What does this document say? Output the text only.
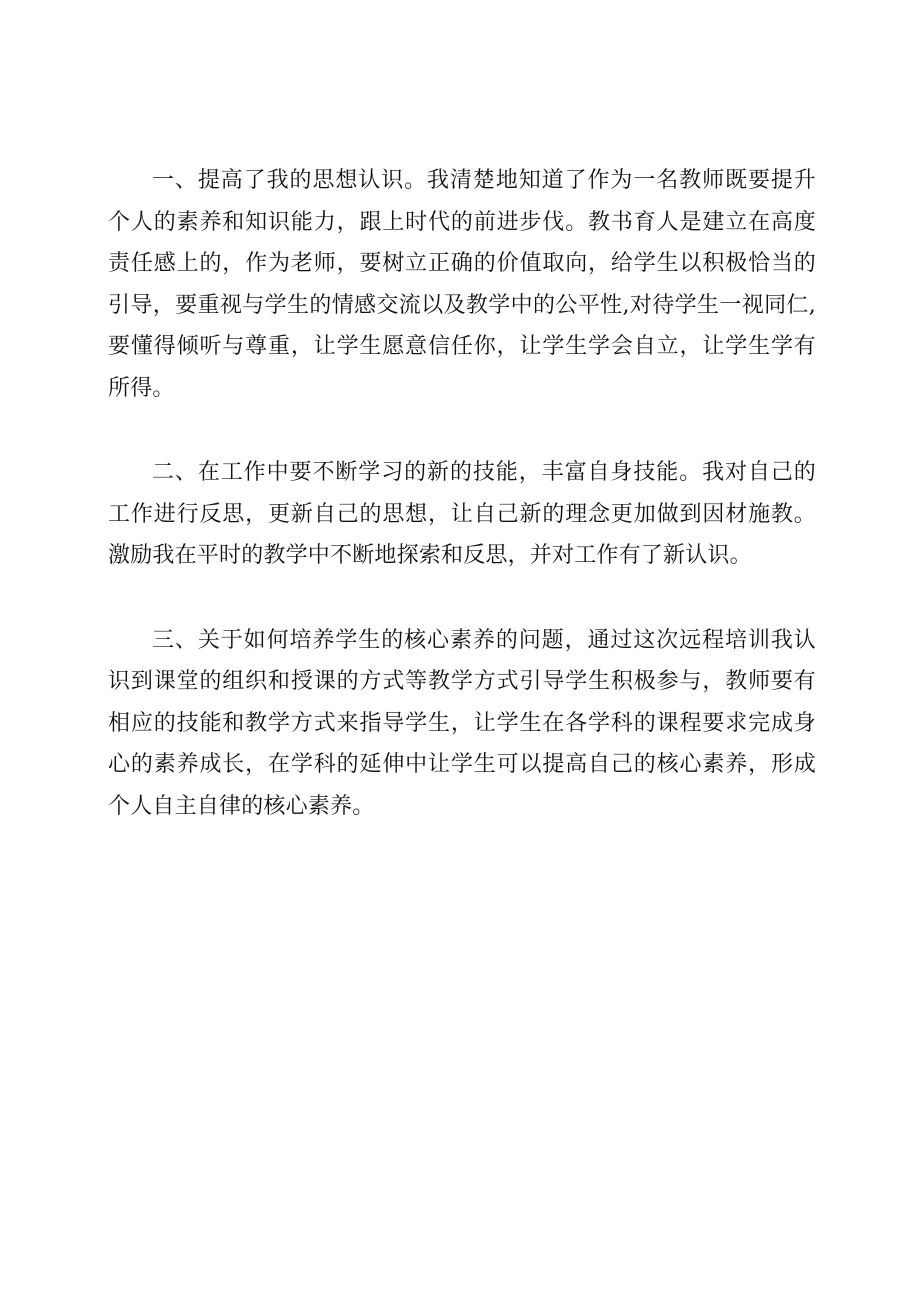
一、提高了我的思想认识。我清楚地知道了作为一名教师既要提升个人的素养和知识能力，跟上时代的前进步伐。教书育人是建立在高度责任感上的，作为老师，要树立正确的价值取向，给学生以积极恰当的引导，要重视与学生的情感交流以及教学中的公平性,对待学生一视同仁,要懂得倾听与尊重，让学生愿意信任你，让学生学会自立，让学生学有所得。

二、在工作中要不断学习的新的技能，丰富自身技能。我对自己的工作进行反思，更新自己的思想，让自己新的理念更加做到因材施教。激励我在平时的教学中不断地探索和反思，并对工作有了新认识。

三、关于如何培养学生的核心素养的问题，通过这次远程培训我认识到课堂的组织和授课的方式等教学方式引导学生积极参与，教师要有相应的技能和教学方式来指导学生，让学生在各学科的课程要求完成身心的素养成长，在学科的延伸中让学生可以提高自己的核心素养，形成个人自主自律的核心素养。
